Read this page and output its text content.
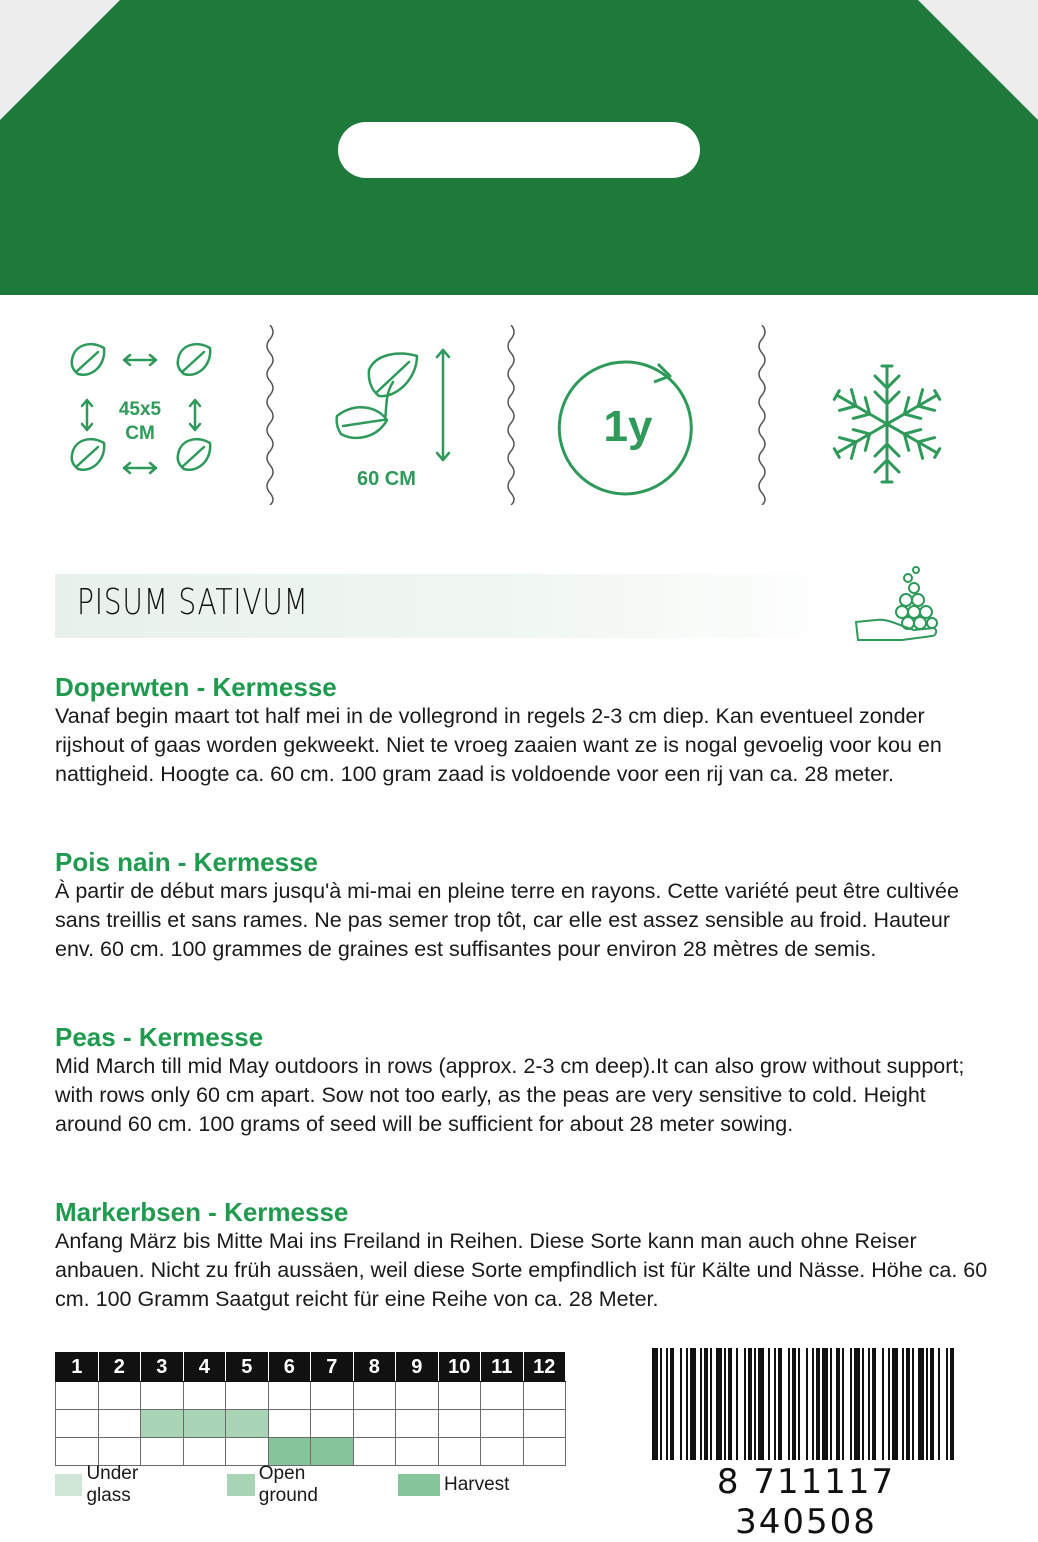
45x5
CM
60 CM
1y
PISUM SATIVUM
Doperwten - Kermesse

Vanaf begin maart tot half mei in de vollegrond in regels 2-3 cm diep. Kan eventueel zonder rijshout of gaas worden gekweekt. Niet te vroeg zaaien want ze is nogal gevoelig voor kou en nattigheid. Hoogte ca. 60 cm. 100 gram zaad is voldoende voor een rij van ca. 28 meter.

Pois nain - Kermesse

À partir de début mars jusqu'à mi-mai en pleine terre en rayons. Cette variété peut être cultivée sans treillis et sans rames. Ne pas semer trop tôt, car elle est assez sensible au froid. Hauteur env. 60 cm. 100 grammes de graines est suffisantes pour environ 28 mètres de semis.

Peas - Kermesse

Mid March till mid May outdoors in rows (approx. 2-3 cm deep).It can also grow without support; with rows only 60 cm apart. Sow not too early, as the peas are very sensitive to cold. Height around 60 cm. 100 grams of seed will be sufficient for about 28 meter sowing.

Markerbsen - Kermesse

Anfang März bis Mitte Mai ins Freiland in Reihen. Diese Sorte kann man auch ohne Reiser anbauen. Nicht zu früh aussäen, weil diese Sorte empfindlich ist für Kälte und Nässe. Höhe ca. 60 cm. 100 Gramm Saatgut reicht für eine Reihe von ca. 28 Meter.

1	2	3	4	5	6	7	8	9	10	11	12

Under glass
Open ground
Harvest	8 711117 340508
